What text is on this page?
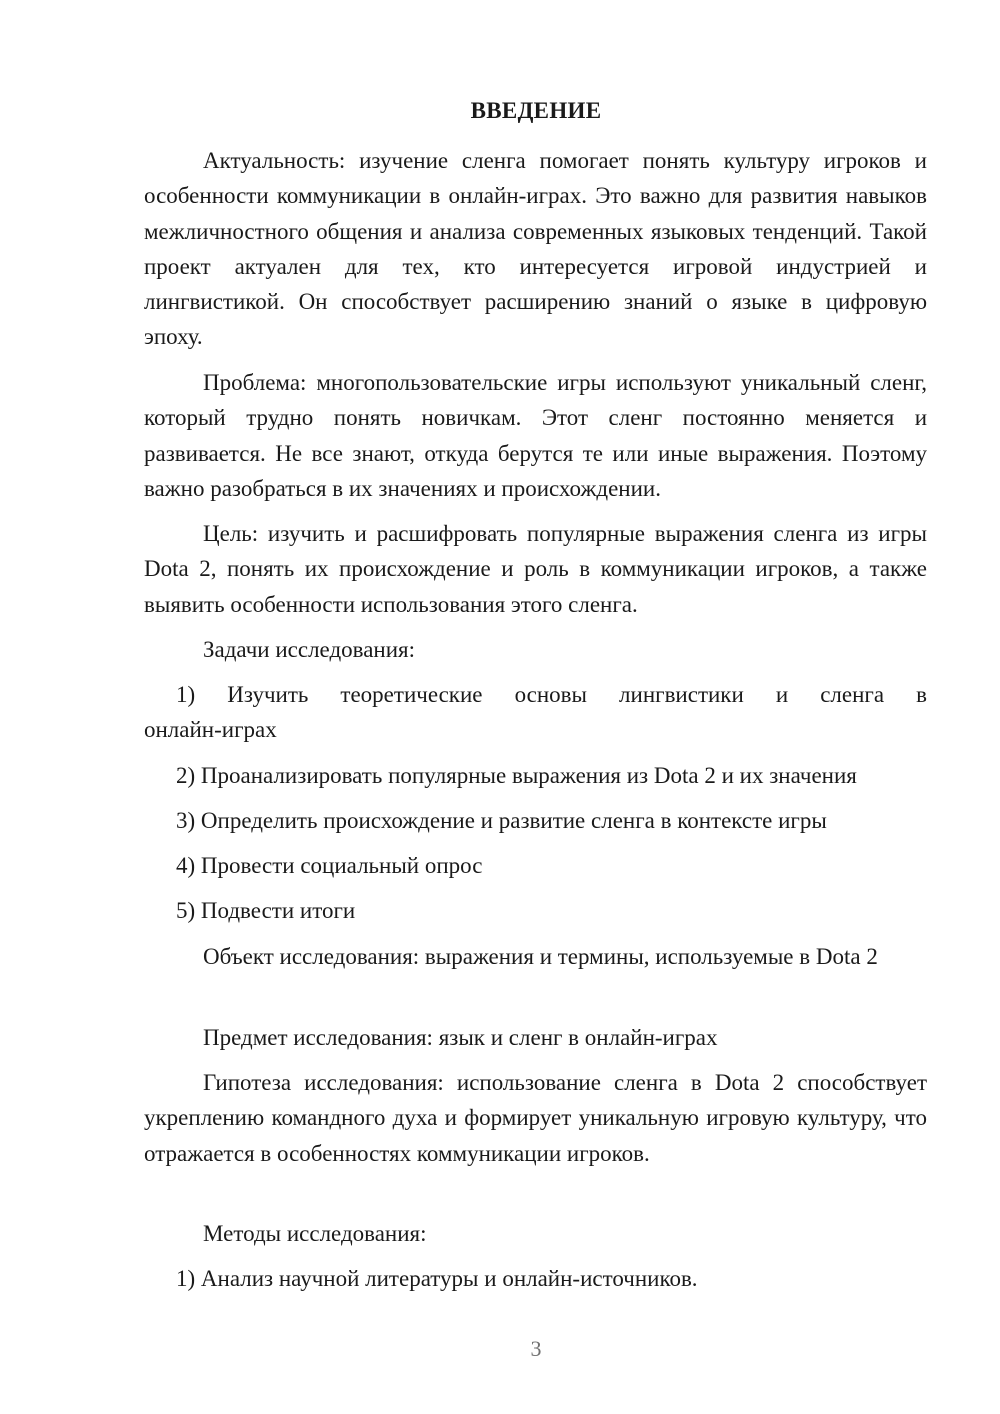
ВВЕДЕНИЕ
Актуальность: изучение сленга помогает понять культуру игроков и особенности коммуникации в онлайн-играх. Это важно для развития навыков межличностного общения и анализа современных языковых тенденций. Такой проект актуален для тех, кто интересуется игровой индустрией и лингвистикой. Он способствует расширению знаний о языке в цифровую эпоху.
Проблема: многопользовательские игры используют уникальный сленг, который трудно понять новичкам. Этот сленг постоянно меняется и развивается. Не все знают, откуда берутся те или иные выражения. Поэтому важно разобраться в их значениях и происхождении.
Цель: изучить и расшифровать популярные выражения сленга из игры Dota 2, понять их происхождение и роль в коммуникации игроков, а также выявить особенности использования этого сленга.
Задачи исследования:
1) Изучить теоретические основы лингвистики и сленга в
онлайн-играх
2) Проанализировать популярные выражения из Dota 2 и их значения
3) Определить происхождение и развитие сленга в контексте игры
4) Провести социальный опрос
5) Подвести итоги
Объект исследования: выражения и термины, используемые в Dota 2
Предмет исследования: язык и сленг в онлайн-играх
Гипотеза исследования: использование сленга в Dota 2 способствует укреплению командного духа и формирует уникальную игровую культуру, что отражается в особенностях коммуникации игроков.
Методы исследования:
1) Анализ научной литературы и онлайн-источников.
3
